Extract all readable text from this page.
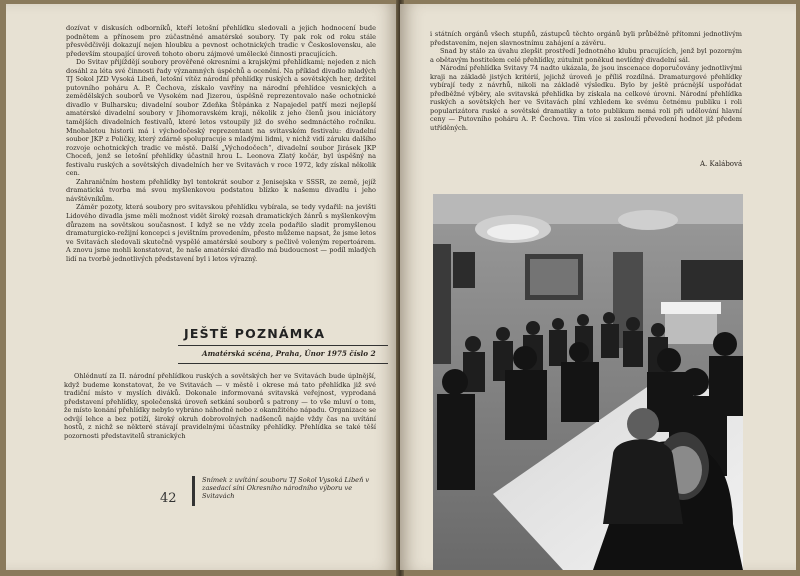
dozívat v diskusích odborníků, kteří letošní přehlídku sledovali a jejich hodnocení bude podnětem a přínosem pro zúčastněné amatérské soubory. Ty pak rok od roku stále přesvědčivěji dokazují nejen hloubku a pevnost ochotnických tradic v Československu, ale především stoupající úroveň tohoto oboru zájmové umělecké činnosti pracujících.

Do Svitav přijíždějí soubory prověřené okresními a krajskými přehlídkami; nejeden z nich dosáhl za léta své činnosti řady významných úspěchů a ocenění. Na příklad divadlo mladých TJ Sokol JZD Vysoká Libeň, letošní vítěz národní přehlídky ruských a sovětských her, držitel putovního poháru A. P. Čechova, získalo vavříny na národní přehlídce vesnických a zemědělských souborů ve Vysokém nad Jizerou, úspěšně reprezentovalo naše ochotnické divadlo v Bulharsku; divadelní soubor Zdeňka Štěpánka z Napajedel patří mezi nejlepší amatérské divadelní soubory v Jihomoravském kraji, několik z jeho členů jsou iniciátory tamějších divadelních festivalů, které letos vstoupily již do svého sedmnáctého ročníku. Mnohaletou historii má i východočeský reprezentant na svitavském festivalu: divadelní soubor JKP z Poličky, který zdárně spolupracuje s mladými lidmi, v nichž vidí záruku dalšího rozvoje ochotnických tradic ve městě. Další „Východočech“, divadelní soubor Jirásek JKP Choceň, jenž se letošní přehlídky účastnil hrou L. Leonova Zlatý kočár, byl úspěšný na festivalu ruských a sovětských divadelních her ve Svitavách v roce 1972, kdy získal několik cen.

Zahraničním hostem přehlídky byl tentokrát soubor z Jenisejska v SSSR, ze země, jejíž dramatická tvorba má svou myšlenkovou podstatou blízko k našemu divadlu i jeho návštěvníkům.

Záměr pozoty, která soubory pro svitavskou přehlídku vybírala, se tedy vydařil: na jevišti Lidového divadla jsme měli možnost vidět široký rozsah dramatických žánrů s myšlenkovým důrazem na sovětskou současnost. I když se ne vždy zcela podařilo sladit promyšlenou dramaturgicko-režijní koncepci s jevištním provedením, přesto můžeme napsat, že jsme letos ve Svitavách sledovali skutečně vyspělé amatérské soubory s pečlivě voleným repertoárem. A znovu jsme mohli konstatovat, že naše amatérské divadlo má budoucnost — podíl mladých lidí na tvorbě jednotlivých představení byl i letos výrazný.

JEŠTĚ POZNÁMKA
Amatérská scéna, Praha, Únor 1975 číslo 2

Ohlédnutí za II. národní přehlídkou ruských a sovětských her ve Svitavách bude úplnější, když budeme konstatovat, že ve Svitavách — v městě i okrese má tato přehlídka již své tradiční místo v myslích diváků. Dokonale informovaná svitavská veřejnost, vyprodaná představení přehlídky, společenská úroveň setkání souborů s patrony — to vše mluví o tom, že místo konání přehlídky nebylo vybráno náhodně nebo z okamžitého nápadu. Organizace se odvíjí lehce a bez potíží, široký okruh dobrovolných nadšenců najde vždy čas na uvítání hostů, z nichž se některé stávají pravidelnými účastníky přehlídky. Přehlídka se také těší pozornosti představitelů stranických

42
Snímek z uvítání souboru TJ Sokol Vysoká Libeň v zasedací síni Okresního národního výboru ve Svitavách

i státních orgánů všech stupňů, zástupců těchto orgánů byli průběžně přítomni jednotlivým představením, nejen slavnostnímu zahájení a závěru.

Snad by stálo za úvahu zlepšit prostředí Jednotného klubu pracujících, jenž byl pozorným a obětavým hostitelem celé přehlídky, zútulnit poněkud nevlídný divadelní sál.

Národní přehlídka Svitavy 74 nadto ukázala, že jsou inscenace doporučovány jednotlivými kraji na základě jistých kritérií, jejichž úroveň je příliš rozdílná. Dramaturgové přehlídky vybírají tedy z návrhů, nikoli na základě výsledku. Bylo by ještě prácnější uspořádat předběžné výběry, ale svitavská přehlídka by získala na celkové úrovni. Národní přehlídka ruských a sovětských her ve Svitavách plní vzhledem ke svému četnému publiku i roli popularizátora ruské a sovětské dramatiky a toto publikum nemá roli při udělování hlavní ceny — Putovního poháru A. P. Čechova. Tím více si zaslouží převedení hodnot již předem utříděných.

A. Kalábová
